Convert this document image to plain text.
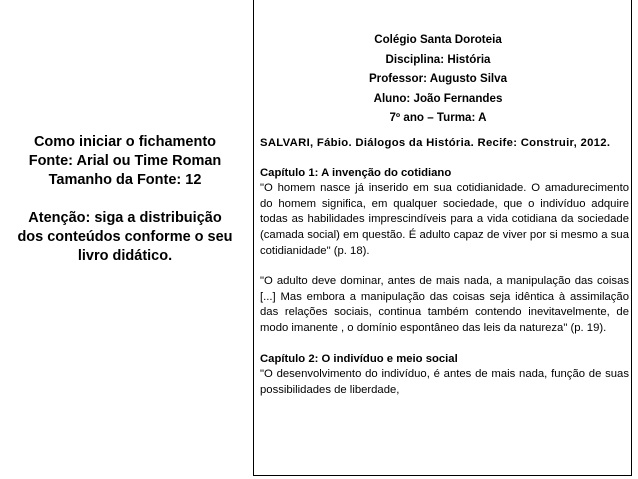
Como iniciar o fichamento

Fonte: Arial ou Time Roman

Tamanho da Fonte: 12

Atenção: siga a distribuição

dos conteúdos conforme o seu

livro didático.

Colégio Santa Doroteia
Disciplina: História
Professor: Augusto Silva
Aluno: João Fernandes
7º ano – Turma: A

SALVARI, Fábio. Diálogos da História. Recife: Construir, 2012.

Capítulo 1: A invenção do cotidiano

"O homem nasce já inserido em sua cotidianidade. O amadurecimento do homem significa, em qualquer sociedade, que o indivíduo adquire todas as habilidades imprescindíveis para a vida cotidiana da sociedade (camada social) em questão. É adulto capaz de viver por si mesmo a sua cotidianidade" (p. 18).

"O adulto deve dominar, antes de mais nada, a manipulação das coisas [...] Mas embora a manipulação das coisas seja idêntica à assimilação das relações sociais, continua também contendo inevitavelmente, de modo imanente , o domínio espontâneo das leis da natureza" (p. 19).

Capítulo 2: O indivíduo e meio social

"O desenvolvimento do indivíduo, é antes de mais nada, função de suas possibilidades de liberdade,
